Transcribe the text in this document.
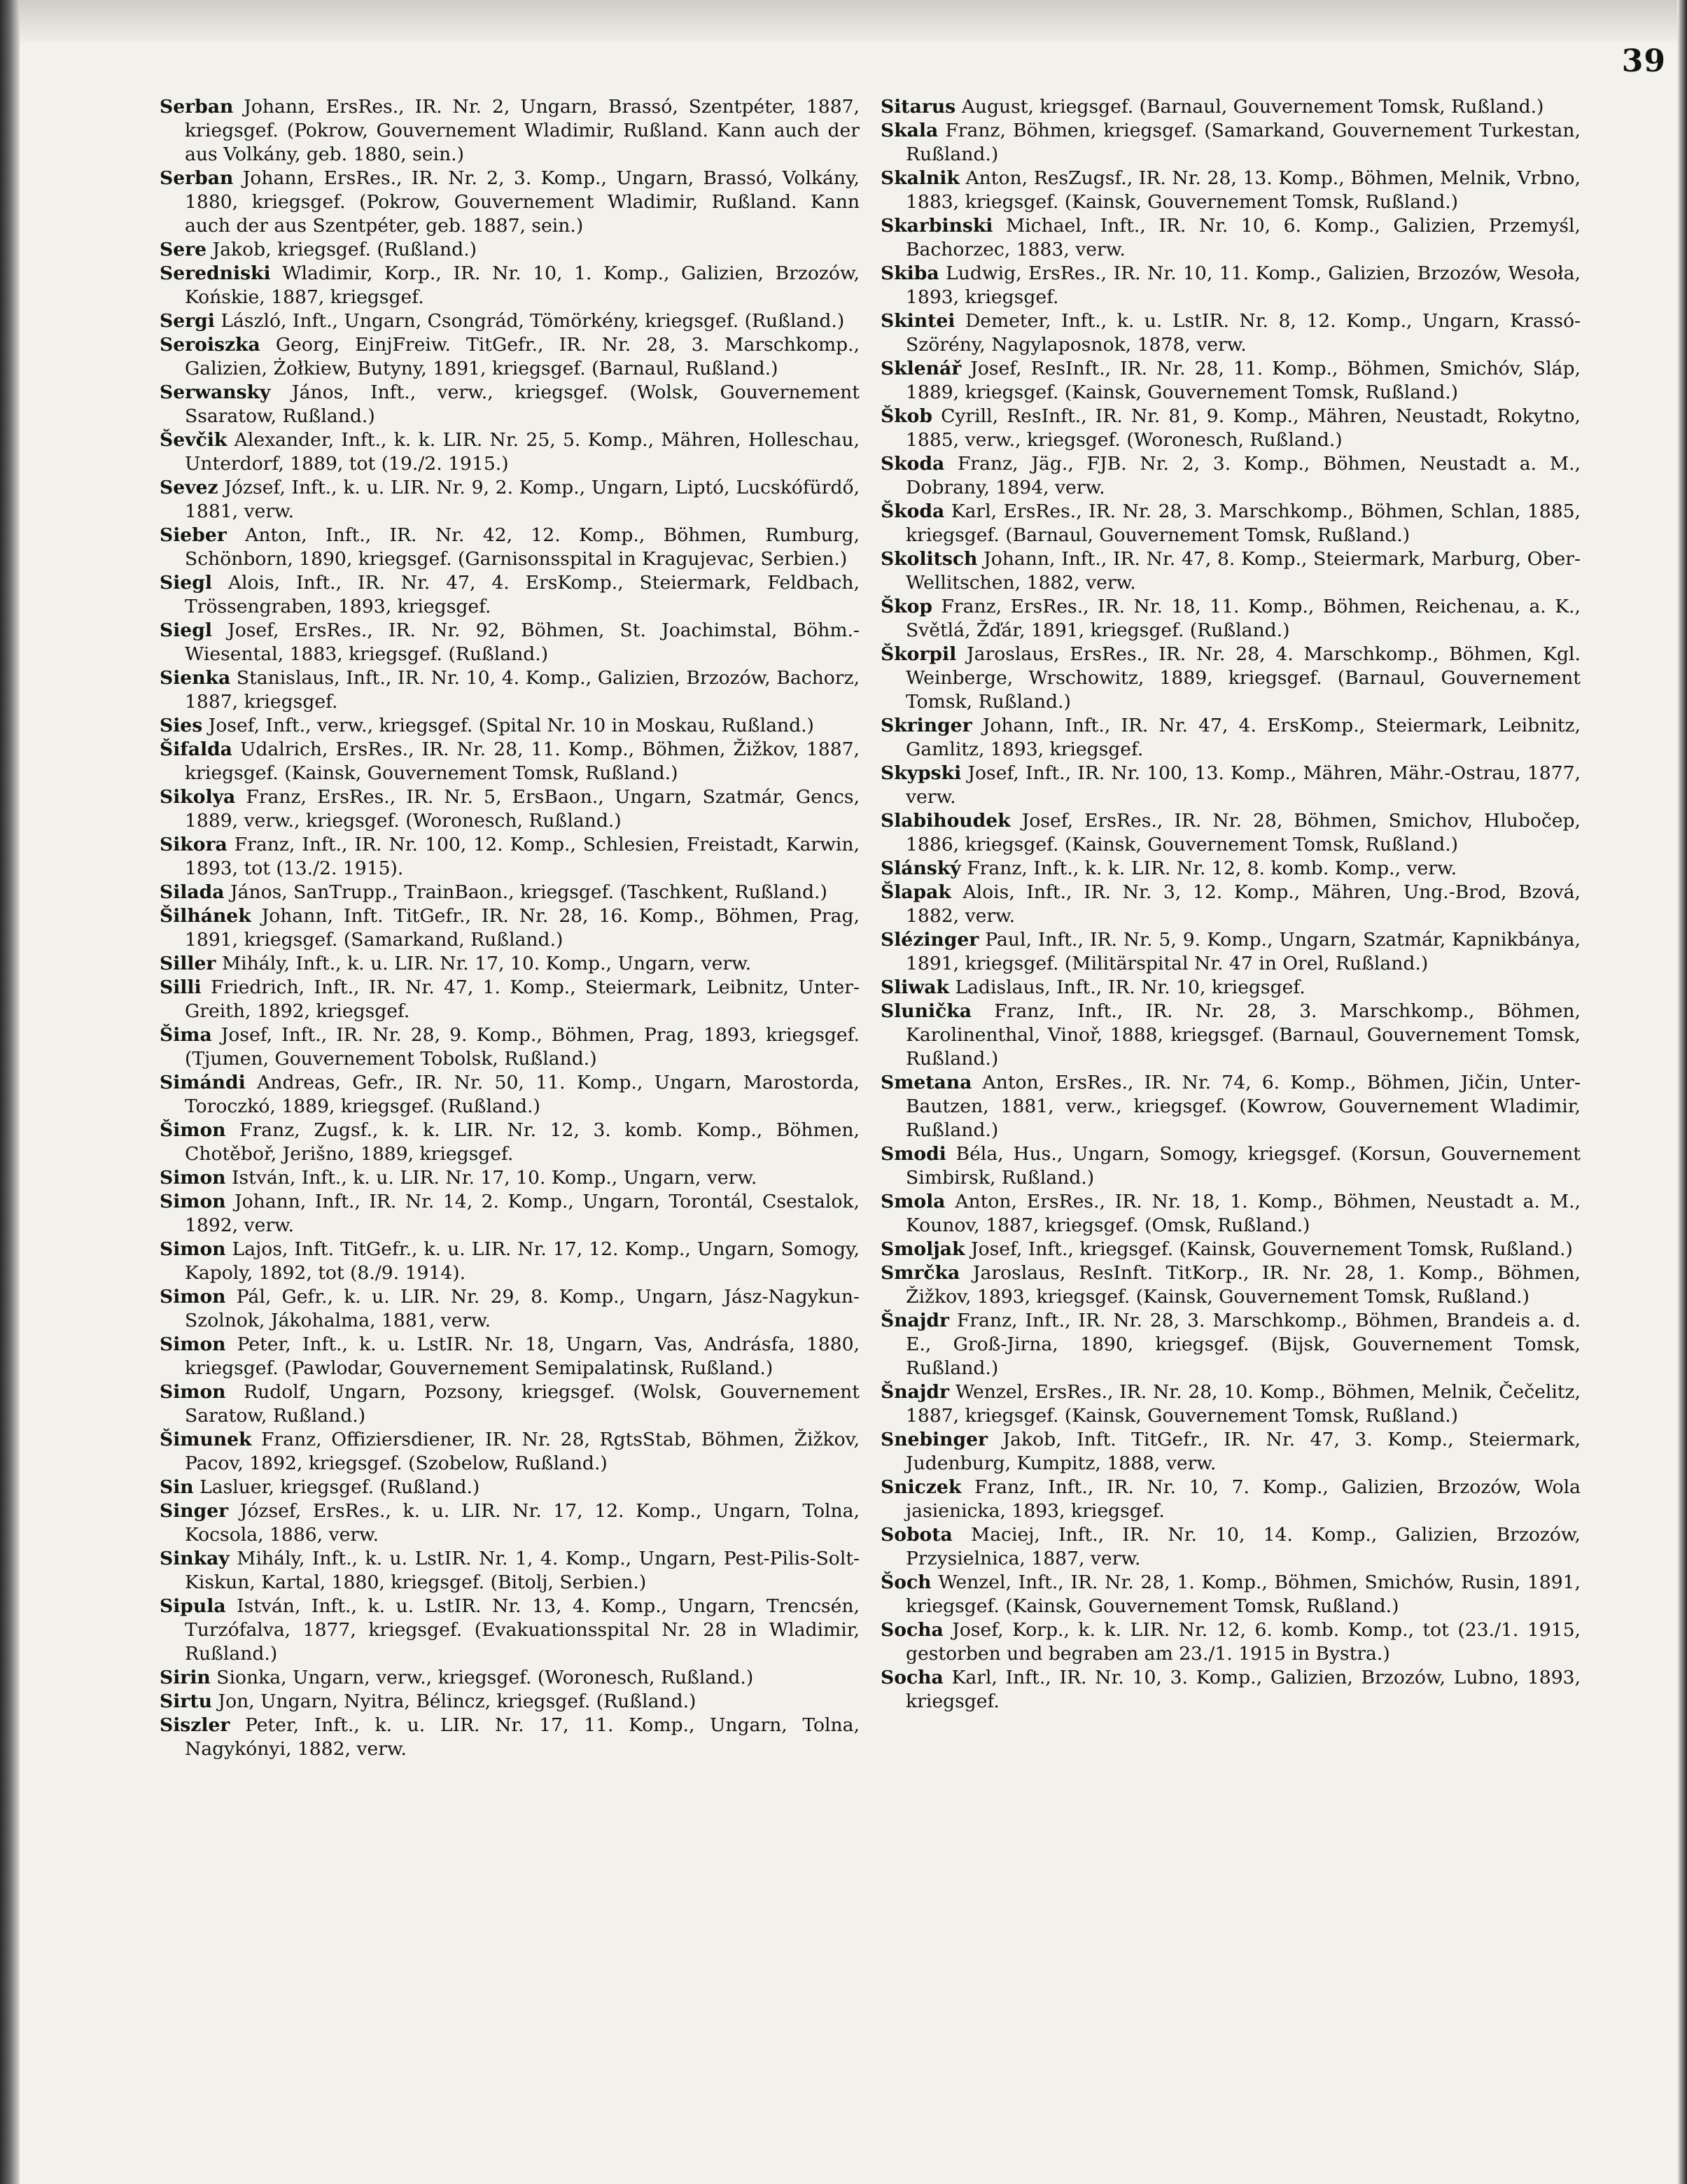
39
Serban Johann, ErsRes., IR. Nr. 2, Ungarn, Brassó, Szentpéter, 1887, kriegsgef. (Pokrow, Gouvernement Wladimir, Rußland. Kann auch der aus Volkány, geb. 1880, sein.)
Serban Johann, ErsRes., IR. Nr. 2, 3. Komp., Ungarn, Brassó, Volkány, 1880, kriegsgef. (Pokrow, Gouvernement Wladimir, Rußland. Kann auch der aus Szentpéter, geb. 1887, sein.)
Sere Jakob, kriegsgef. (Rußland.)
Seredniski Wladimir, Korp., IR. Nr. 10, 1. Komp., Galizien, Brzozów, Końskie, 1887, kriegsgef.
Sergi László, Inft., Ungarn, Csongrád, Tömörkény, kriegsgef. (Rußland.)
Seroiszka Georg, EinjFreiw. TitGefr., IR. Nr. 28, 3. Marschkomp., Galizien, Żołkiew, Butyny, 1891, kriegsgef. (Barnaul, Rußland.)
Serwansky János, Inft., verw., kriegsgef. (Wolsk, Gouvernement Ssaratow, Rußland.)
Ševčik Alexander, Inft., k. k. LIR. Nr. 25, 5. Komp., Mähren, Holleschau, Unterdorf, 1889, tot (19./2. 1915.)
Sevez József, Inft., k. u. LIR. Nr. 9, 2. Komp., Ungarn, Liptó, Lucskófürdő, 1881, verw.
Sieber Anton, Inft., IR. Nr. 42, 12. Komp., Böhmen, Rumburg, Schönborn, 1890, kriegsgef. (Garnisonsspital in Kragujevac, Serbien.)
Siegl Alois, Inft., IR. Nr. 47, 4. ErsKomp., Steiermark, Feldbach, Trössengraben, 1893, kriegsgef.
Siegl Josef, ErsRes., IR. Nr. 92, Böhmen, St. Joachimstal, Böhm.-Wiesental, 1883, kriegsgef. (Rußland.)
Sienka Stanislaus, Inft., IR. Nr. 10, 4. Komp., Galizien, Brzozów, Bachorz, 1887, kriegsgef.
Sies Josef, Inft., verw., kriegsgef. (Spital Nr. 10 in Moskau, Rußland.)
Šifalda Udalrich, ErsRes., IR. Nr. 28, 11. Komp., Böhmen, Žižkov, 1887, kriegsgef. (Kainsk, Gouvernement Tomsk, Rußland.)
Sikolya Franz, ErsRes., IR. Nr. 5, ErsBaon., Ungarn, Szatmár, Gencs, 1889, verw., kriegsgef. (Woronesch, Rußland.)
Sikora Franz, Inft., IR. Nr. 100, 12. Komp., Schlesien, Freistadt, Karwin, 1893, tot (13./2. 1915).
Silada János, SanTrupp., TrainBaon., kriegsgef. (Taschkent, Rußland.)
Šilhánek Johann, Inft. TitGefr., IR. Nr. 28, 16. Komp., Böhmen, Prag, 1891, kriegsgef. (Samarkand, Rußland.)
Siller Mihály, Inft., k. u. LIR. Nr. 17, 10. Komp., Ungarn, verw.
Silli Friedrich, Inft., IR. Nr. 47, 1. Komp., Steiermark, Leibnitz, Unter-Greith, 1892, kriegsgef.
Šima Josef, Inft., IR. Nr. 28, 9. Komp., Böhmen, Prag, 1893, kriegsgef. (Tjumen, Gouvernement Tobolsk, Rußland.)
Simándi Andreas, Gefr., IR. Nr. 50, 11. Komp., Ungarn, Marostorda, Toroczkó, 1889, kriegsgef. (Rußland.)
Šimon Franz, Zugsf., k. k. LIR. Nr. 12, 3. komb. Komp., Böhmen, Chotěboř, Jerišno, 1889, kriegsgef.
Simon István, Inft., k. u. LIR. Nr. 17, 10. Komp., Ungarn, verw.
Simon Johann, Inft., IR. Nr. 14, 2. Komp., Ungarn, Torontál, Csestalok, 1892, verw.
Simon Lajos, Inft. TitGefr., k. u. LIR. Nr. 17, 12. Komp., Ungarn, Somogy, Kapoly, 1892, tot (8./9. 1914).
Simon Pál, Gefr., k. u. LIR. Nr. 29, 8. Komp., Ungarn, Jász-Nagykun-Szolnok, Jákohalma, 1881, verw.
Simon Peter, Inft., k. u. LstIR. Nr. 18, Ungarn, Vas, Andrásfa, 1880, kriegsgef. (Pawlodar, Gouvernement Semipalatinsk, Rußland.)
Simon Rudolf, Ungarn, Pozsony, kriegsgef. (Wolsk, Gouvernement Saratow, Rußland.)
Šimunek Franz, Offiziersdiener, IR. Nr. 28, RgtsStab, Böhmen, Žižkov, Pacov, 1892, kriegsgef. (Szobelow, Rußland.)
Sin Lasluer, kriegsgef. (Rußland.)
Singer József, ErsRes., k. u. LIR. Nr. 17, 12. Komp., Ungarn, Tolna, Kocsola, 1886, verw.
Sinkay Mihály, Inft., k. u. LstIR. Nr. 1, 4. Komp., Ungarn, Pest-Pilis-Solt-Kiskun, Kartal, 1880, kriegsgef. (Bitolj, Serbien.)
Sipula István, Inft., k. u. LstIR. Nr. 13, 4. Komp., Ungarn, Trencsén, Turzófalva, 1877, kriegsgef. (Evakuationsspital Nr. 28 in Wladimir, Rußland.)
Sirin Sionka, Ungarn, verw., kriegsgef. (Woronesch, Rußland.)
Sirtu Jon, Ungarn, Nyitra, Bélincz, kriegsgef. (Rußland.)
Siszler Peter, Inft., k. u. LIR. Nr. 17, 11. Komp., Ungarn, Tolna, Nagykónyi, 1882, verw.
Sitarus August, kriegsgef. (Barnaul, Gouvernement Tomsk, Rußland.)
Skala Franz, Böhmen, kriegsgef. (Samarkand, Gouvernement Turkestan, Rußland.)
Skalnik Anton, ResZugsf., IR. Nr. 28, 13. Komp., Böhmen, Melnik, Vrbno, 1883, kriegsgef. (Kainsk, Gouvernement Tomsk, Rußland.)
Skarbinski Michael, Inft., IR. Nr. 10, 6. Komp., Galizien, Przemyśl, Bachorzec, 1883, verw.
Skiba Ludwig, ErsRes., IR. Nr. 10, 11. Komp., Galizien, Brzozów, Wesoła, 1893, kriegsgef.
Skintei Demeter, Inft., k. u. LstIR. Nr. 8, 12. Komp., Ungarn, Krassó-Szörény, Nagylaposnok, 1878, verw.
Sklenář Josef, ResInft., IR. Nr. 28, 11. Komp., Böhmen, Smichóv, Sláp, 1889, kriegsgef. (Kainsk, Gouvernement Tomsk, Rußland.)
Škob Cyrill, ResInft., IR. Nr. 81, 9. Komp., Mähren, Neustadt, Rokytno, 1885, verw., kriegsgef. (Woronesch, Rußland.)
Skoda Franz, Jäg., FJB. Nr. 2, 3. Komp., Böhmen, Neustadt a. M., Dobrany, 1894, verw.
Škoda Karl, ErsRes., IR. Nr. 28, 3. Marschkomp., Böhmen, Schlan, 1885, kriegsgef. (Barnaul, Gouvernement Tomsk, Rußland.)
Skolitsch Johann, Inft., IR. Nr. 47, 8. Komp., Steiermark, Marburg, Ober-Wellitschen, 1882, verw.
Škop Franz, ErsRes., IR. Nr. 18, 11. Komp., Böhmen, Reichenau, a. K., Světlá, Žďár, 1891, kriegsgef. (Rußland.)
Škorpil Jaroslaus, ErsRes., IR. Nr. 28, 4. Marschkomp., Böhmen, Kgl. Weinberge, Wrschowitz, 1889, kriegsgef. (Barnaul, Gouvernement Tomsk, Rußland.)
Skringer Johann, Inft., IR. Nr. 47, 4. ErsKomp., Steiermark, Leibnitz, Gamlitz, 1893, kriegsgef.
Skypski Josef, Inft., IR. Nr. 100, 13. Komp., Mähren, Mähr.-Ostrau, 1877, verw.
Slabihoudek Josef, ErsRes., IR. Nr. 28, Böhmen, Smichov, Hlubočep, 1886, kriegsgef. (Kainsk, Gouvernement Tomsk, Rußland.)
Slánský Franz, Inft., k. k. LIR. Nr. 12, 8. komb. Komp., verw.
Šlapak Alois, Inft., IR. Nr. 3, 12. Komp., Mähren, Ung.-Brod, Bzová, 1882, verw.
Slézinger Paul, Inft., IR. Nr. 5, 9. Komp., Ungarn, Szatmár, Kapnikbánya, 1891, kriegsgef. (Militärspital Nr. 47 in Orel, Rußland.)
Sliwak Ladislaus, Inft., IR. Nr. 10, kriegsgef.
Slunička Franz, Inft., IR. Nr. 28, 3. Marschkomp., Böhmen, Karolinenthal, Vinoř, 1888, kriegsgef. (Barnaul, Gouvernement Tomsk, Rußland.)
Smetana Anton, ErsRes., IR. Nr. 74, 6. Komp., Böhmen, Jičin, Unter-Bautzen, 1881, verw., kriegsgef. (Kowrow, Gouvernement Wladimir, Rußland.)
Smodi Béla, Hus., Ungarn, Somogy, kriegsgef. (Korsun, Gouvernement Simbirsk, Rußland.)
Smola Anton, ErsRes., IR. Nr. 18, 1. Komp., Böhmen, Neustadt a. M., Kounov, 1887, kriegsgef. (Omsk, Rußland.)
Smoljak Josef, Inft., kriegsgef. (Kainsk, Gouvernement Tomsk, Rußland.)
Smrčka Jaroslaus, ResInft. TitKorp., IR. Nr. 28, 1. Komp., Böhmen, Žižkov, 1893, kriegsgef. (Kainsk, Gouvernement Tomsk, Rußland.)
Šnajdr Franz, Inft., IR. Nr. 28, 3. Marschkomp., Böhmen, Brandeis a. d. E., Groß-Jirna, 1890, kriegsgef. (Bijsk, Gouvernement Tomsk, Rußland.)
Šnajdr Wenzel, ErsRes., IR. Nr. 28, 10. Komp., Böhmen, Melnik, Čečelitz, 1887, kriegsgef. (Kainsk, Gouvernement Tomsk, Rußland.)
Snebinger Jakob, Inft. TitGefr., IR. Nr. 47, 3. Komp., Steiermark, Judenburg, Kumpitz, 1888, verw.
Sniczek Franz, Inft., IR. Nr. 10, 7. Komp., Galizien, Brzozów, Wola jasienicka, 1893, kriegsgef.
Sobota Maciej, Inft., IR. Nr. 10, 14. Komp., Galizien, Brzozów, Przysielnica, 1887, verw.
Šoch Wenzel, Inft., IR. Nr. 28, 1. Komp., Böhmen, Smichów, Rusin, 1891, kriegsgef. (Kainsk, Gouvernement Tomsk, Rußland.)
Socha Josef, Korp., k. k. LIR. Nr. 12, 6. komb. Komp., tot (23./1. 1915, gestorben und begraben am 23./1. 1915 in Bystra.)
Socha Karl, Inft., IR. Nr. 10, 3. Komp., Galizien, Brzozów, Lubno, 1893, kriegsgef.
